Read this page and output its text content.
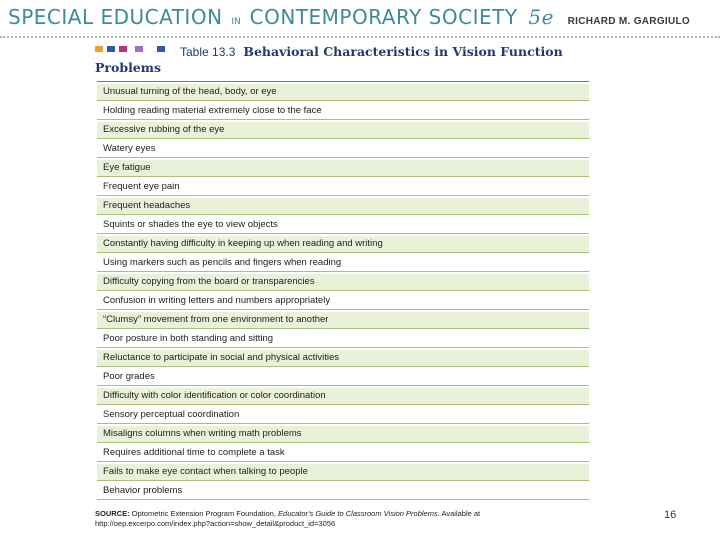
SPECIAL EDUCATION IN CONTEMPORARY SOCIETY 5e RICHARD M. GARGIULO
Table 13.3 Behavioral Characteristics in Vision Function Problems
Unusual turning of the head, body, or eye
Holding reading material extremely close to the face
Excessive rubbing of the eye
Watery eyes
Eye fatigue
Frequent eye pain
Frequent headaches
Squints or shades the eye to view objects
Constantly having difficulty in keeping up when reading and writing
Using markers such as pencils and fingers when reading
Difficulty copying from the board or transparencies
Confusion in writing letters and numbers appropriately
“Clumsy” movement from one environment to another
Poor posture in both standing and sitting
Reluctance to participate in social and physical activities
Poor grades
Difficulty with color identification or color coordination
Sensory perceptual coordination
Misaligns columns when writing math problems
Requires additional time to complete a task
Fails to make eye contact when talking to people
Behavior problems
SOURCE: Optometric Extension Program Foundation, Educator's Guide to Classroom Vision Problems. Available at http://oep.excerpo.com/index.php?action=show_detail&product_id=3056
16
